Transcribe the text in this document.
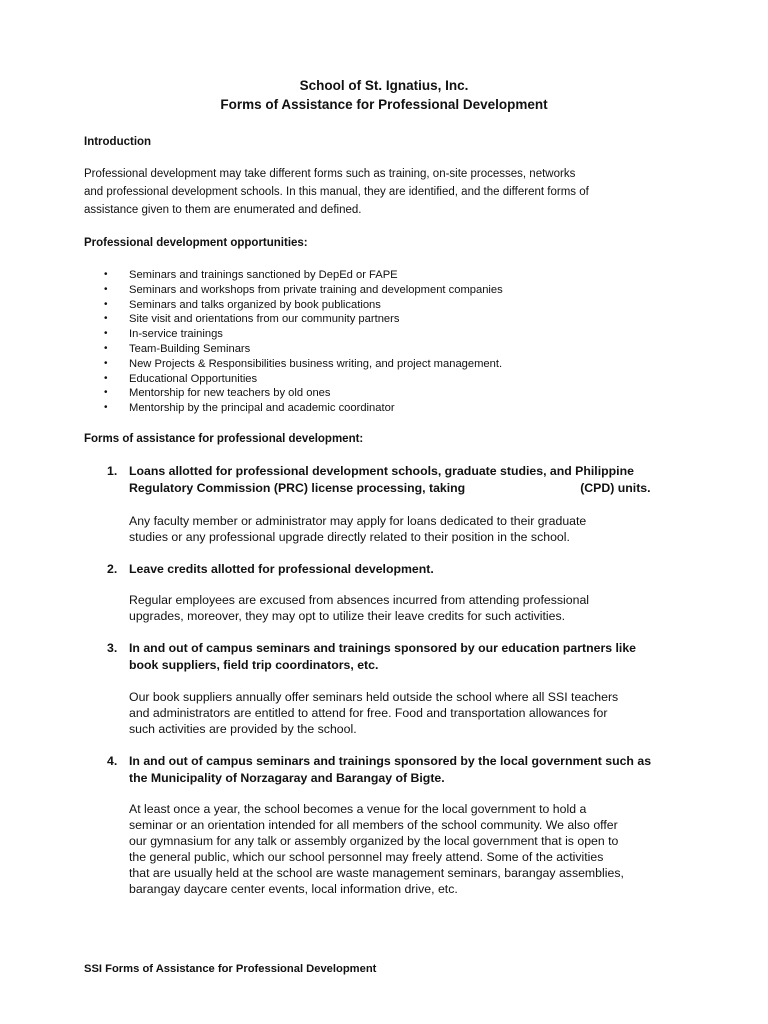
School of St. Ignatius, Inc.
Forms of Assistance for Professional Development
Introduction
Professional development may take different forms such as training, on-site processes, networks
and professional development schools. In this manual, they are identified, and the different forms of
assistance given to them are enumerated and defined.
Professional development opportunities:
• Seminars and trainings sanctioned by DepEd or FAPE
• Seminars and workshops from private training and development companies
• Seminars and talks organized by book publications
• Site visit and orientations from our community partners
• In-service trainings
• Team-Building Seminars
• New Projects & Responsibilities business writing, and project management.
• Educational Opportunities
• Mentorship for new teachers by old ones
• Mentorship by the principal and academic coordinator
Forms of assistance for professional development:
1. Loans allotted for professional development schools, graduate studies, and Philippine
Regulatory Commission (PRC) license processing, taking	(CPD) units.
Any faculty member or administrator may apply for loans dedicated to their graduate
studies or any professional upgrade directly related to their position in the school.
2. Leave credits allotted for professional development.
Regular employees are excused from absences incurred from attending professional
upgrades, moreover, they may opt to utilize their leave credits for such activities.
3. In and out of campus seminars and trainings sponsored by our education partners like
book suppliers, field trip coordinators, etc.
Our book suppliers annually offer seminars held outside the school where all SSI teachers
and administrators are entitled to attend for free. Food and transportation allowances for
such activities are provided by the school.
4. In and out of campus seminars and trainings sponsored by the local government such as
the Municipality of Norzagaray and Barangay of Bigte.
At least once a year, the school becomes a venue for the local government to hold a
seminar or an orientation intended for all members of the school community. We also offer
our gymnasium for any talk or assembly organized by the local government that is open to
the general public, which our school personnel may freely attend. Some of the activities
that are usually held at the school are waste management seminars, barangay assemblies,
barangay daycare center events, local information drive, etc.
SSI Forms of Assistance for Professional Development
